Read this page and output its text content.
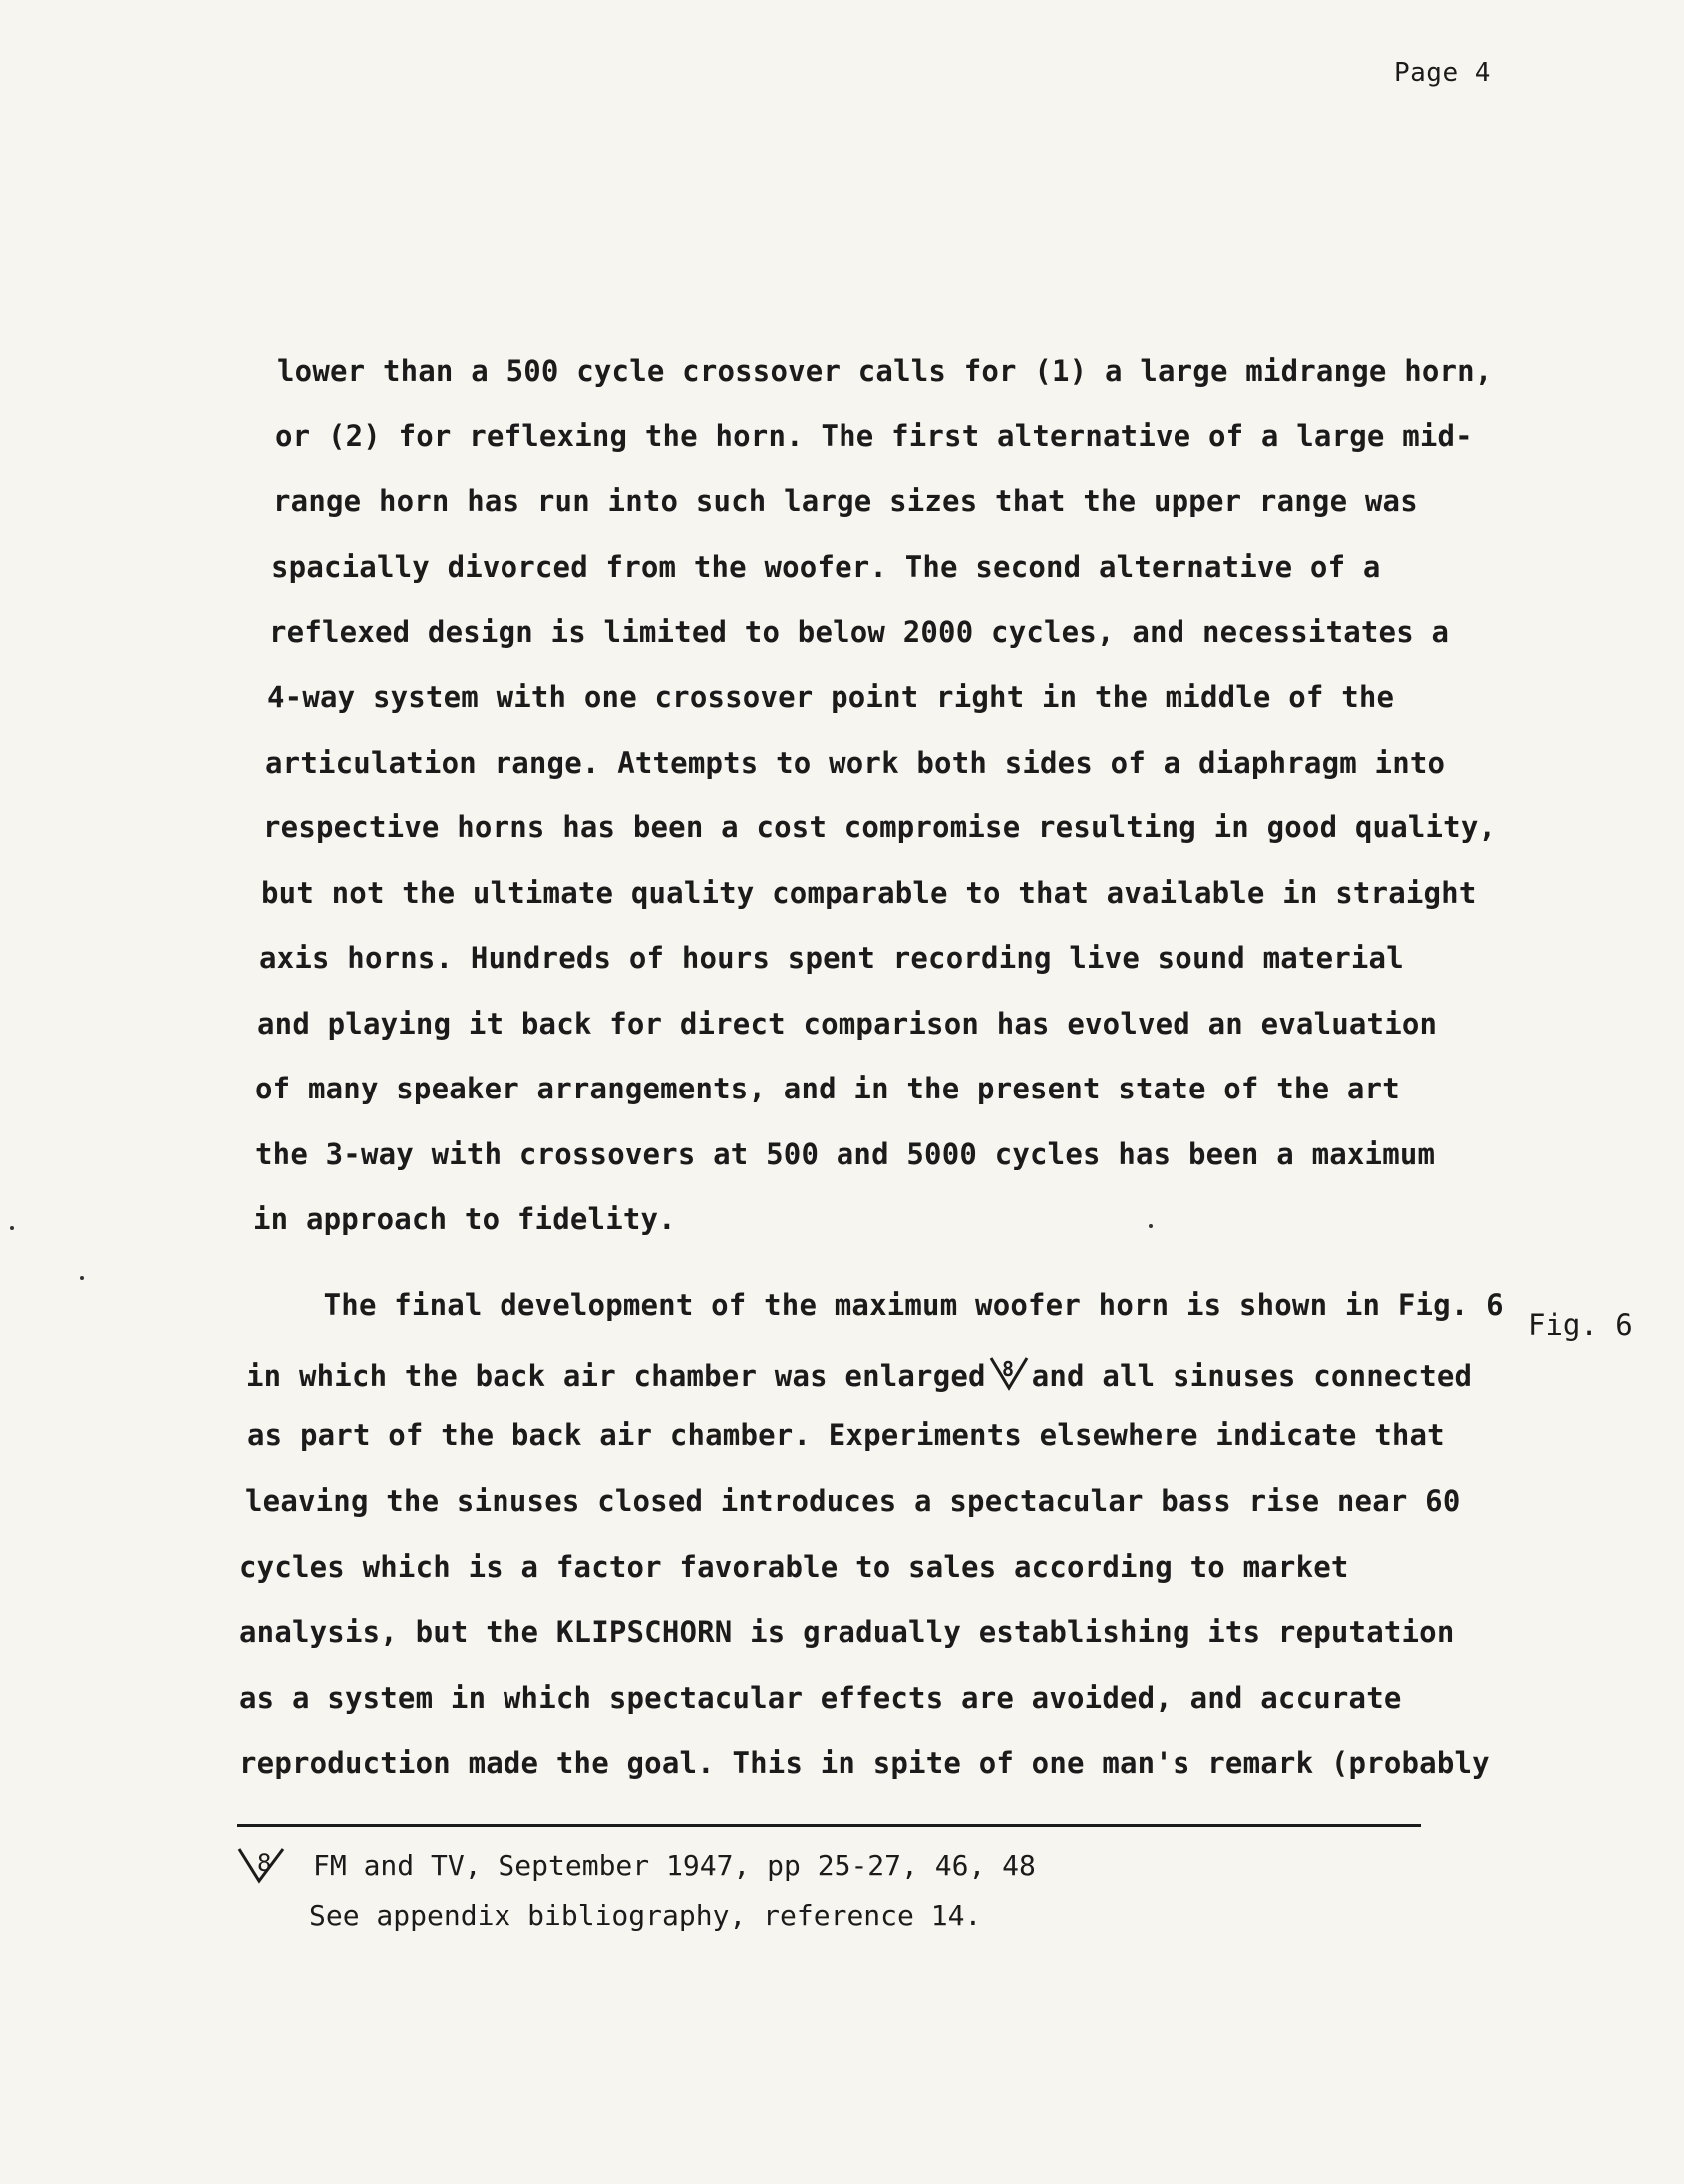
Page 4

lower than a 500 cycle crossover calls for (1) a large midrange horn,

or (2) for reflexing the horn. The first alternative of a large mid-

range horn has run into such large sizes that the upper range was

spacially divorced from the woofer. The second alternative of a

reflexed design is limited to below 2000 cycles, and necessitates a

4-way system with one crossover point right in the middle of the

articulation range. Attempts to work both sides of a diaphragm into

respective horns has been a cost compromise resulting in good quality,

but not the ultimate quality comparable to that available in straight

axis horns. Hundreds of hours spent recording live sound material

and playing it back for direct comparison has evolved an evaluation

of many speaker arrangements, and in the present state of the art

the 3-way with crossovers at 500 and 5000 cycles has been a maximum

in approach to fidelity.

The final development of the maximum woofer horn is shown in Fig. 6

in which the back air chamber was enlarged 8 and all sinuses connected

as part of the back air chamber. Experiments elsewhere indicate that

leaving the sinuses closed introduces a spectacular bass rise near 60

cycles which is a factor favorable to sales according to market

analysis, but the KLIPSCHORN is gradually establishing its reputation

as a system in which spectacular effects are avoided, and accurate

reproduction made the goal. This in spite of one man's remark (probably

Fig. 6
8 FM and TV, September 1947, pp 25-27, 46, 48

See appendix bibliography, reference 14.
